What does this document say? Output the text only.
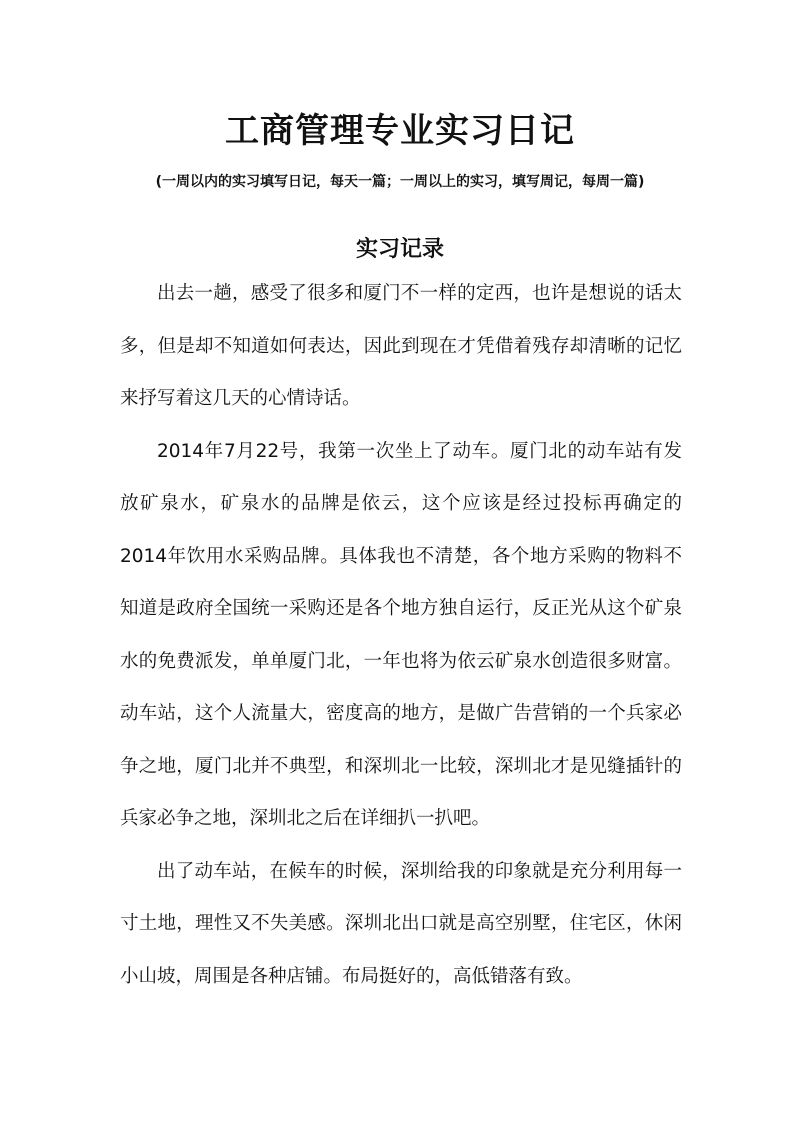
工商管理专业实习日记
(一周以内的实习填写日记，每天一篇；一周以上的实习，填写周记，每周一篇)
实习记录

出去一趟，感受了很多和厦门不一样的定西，也许是想说的话太多，但是却不知道如何表达，因此到现在才凭借着残存却清晰的记忆来抒写着这几天的心情诗话。

2014年7月22号，我第一次坐上了动车。厦门北的动车站有发放矿泉水，矿泉水的品牌是依云，这个应该是经过投标再确定的2014年饮用水采购品牌。具体我也不清楚，各个地方采购的物料不知道是政府全国统一采购还是各个地方独自运行，反正光从这个矿泉水的免费派发，单单厦门北，一年也将为依云矿泉水创造很多财富。动车站，这个人流量大，密度高的地方，是做广告营销的一个兵家必争之地，厦门北并不典型，和深圳北一比较，深圳北才是见缝插针的兵家必争之地，深圳北之后在详细扒一扒吧。

出了动车站，在候车的时候，深圳给我的印象就是充分利用每一寸土地，理性又不失美感。深圳北出口就是高空别墅，住宅区，休闲小山坡，周围是各种店铺。布局挺好的，高低错落有致。
